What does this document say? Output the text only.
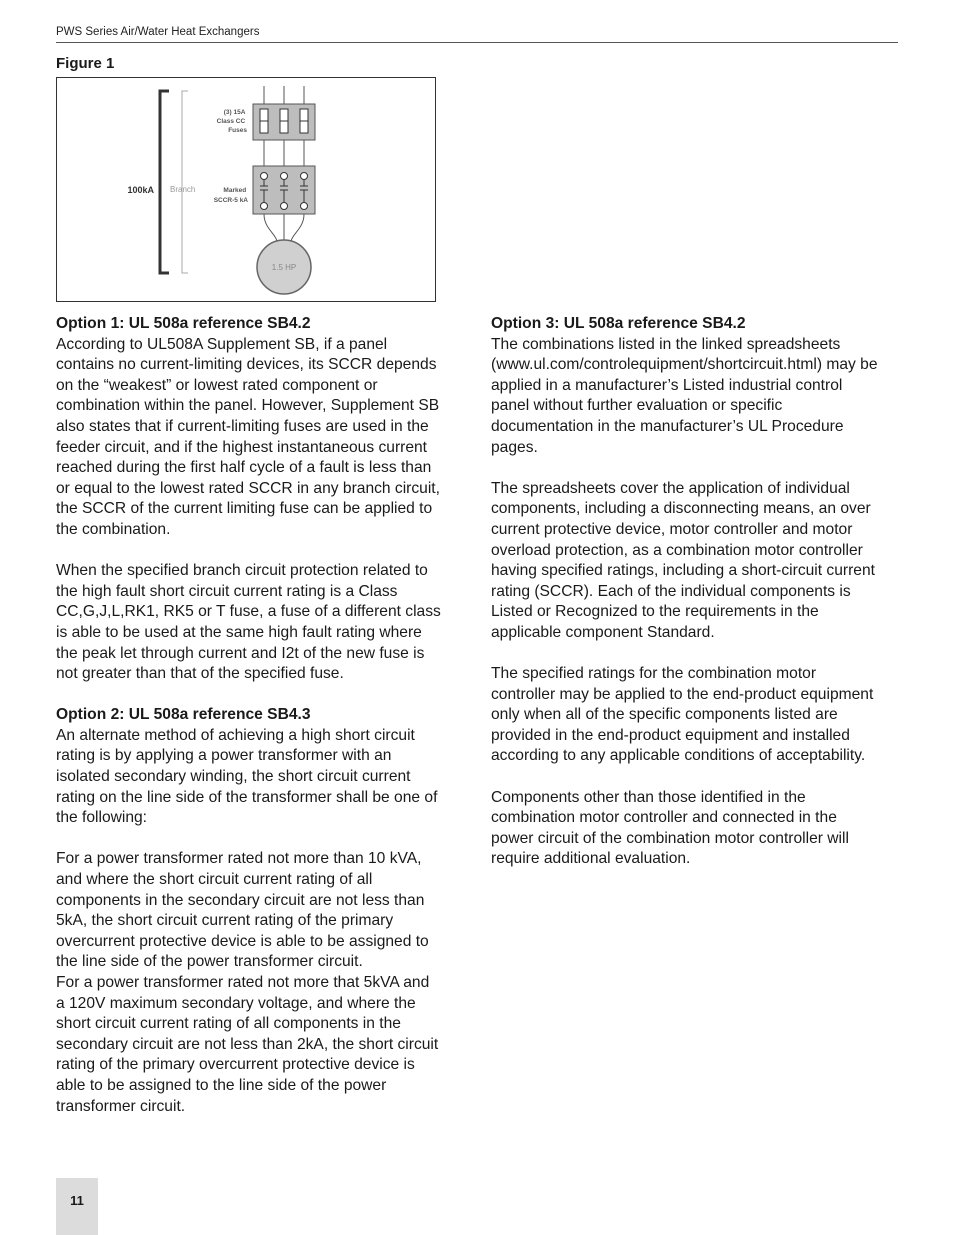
PWS Series Air/Water Heat Exchangers
Figure 1
100kA Branch
(3) 15A Class CC Fuses
Marked SCCR-5 kA
1.5 HP
Option 1: UL 508a reference SB4.2
According to UL508A Supplement SB, if a panel contains no current-limiting devices, its SCCR depends on the “weakest” or lowest rated component or combination within the panel. However, Supplement SB also states that if current-limiting fuses are used in the feeder circuit, and if the highest instantaneous current reached during the first half cycle of a fault is less than or equal to the lowest rated SCCR in any branch circuit, the SCCR of the current limiting fuse can be applied to the combination.
When the specified branch circuit protection related to the high fault short circuit current rating is a Class CC,G,J,L,RK1, RK5 or T fuse, a fuse of a different class is able to be used at the same high fault rating where the peak let through current and I2t of the new fuse is not greater than that of the specified fuse.
Option 2: UL 508a reference SB4.3
An alternate method of achieving a high short circuit rating is by applying a power transformer with an isolated secondary winding, the short circuit current rating on the line side of the transformer shall be one of the following:
For a power transformer rated not more than 10 kVA, and where the short circuit current rating of all components in the secondary circuit are not less than 5kA, the short circuit current rating of the primary overcurrent protective device is able to be assigned to the line side of the power transformer circuit.
For a power transformer rated not more that 5kVA and a 120V maximum secondary voltage, and where the short circuit current rating of all components in the secondary circuit are not less than 2kA, the short circuit rating of the primary overcurrent protective device is able to be assigned to the line side of the power transformer circuit.
Option 3: UL 508a reference SB4.2
The combinations listed in the linked spreadsheets (www.ul.com/controlequipment/shortcircuit.html) may be applied in a manufacturer’s Listed industrial control panel without further evaluation or specific documentation in the manufacturer’s UL Procedure pages.
The spreadsheets cover the application of individual components, including a disconnecting means, an over current protective device, motor controller and motor overload protection, as a combination motor controller having specified ratings, including a short-circuit current rating (SCCR). Each of the individual components is Listed or Recognized to the requirements in the applicable component Standard.
The specified ratings for the combination motor controller may be applied to the end-product equipment only when all of the specific components listed are provided in the end-product equipment and installed according to any applicable conditions of acceptability.
Components other than those identified in the combination motor controller and connected in the power circuit of the combination motor controller will require additional evaluation.
11
